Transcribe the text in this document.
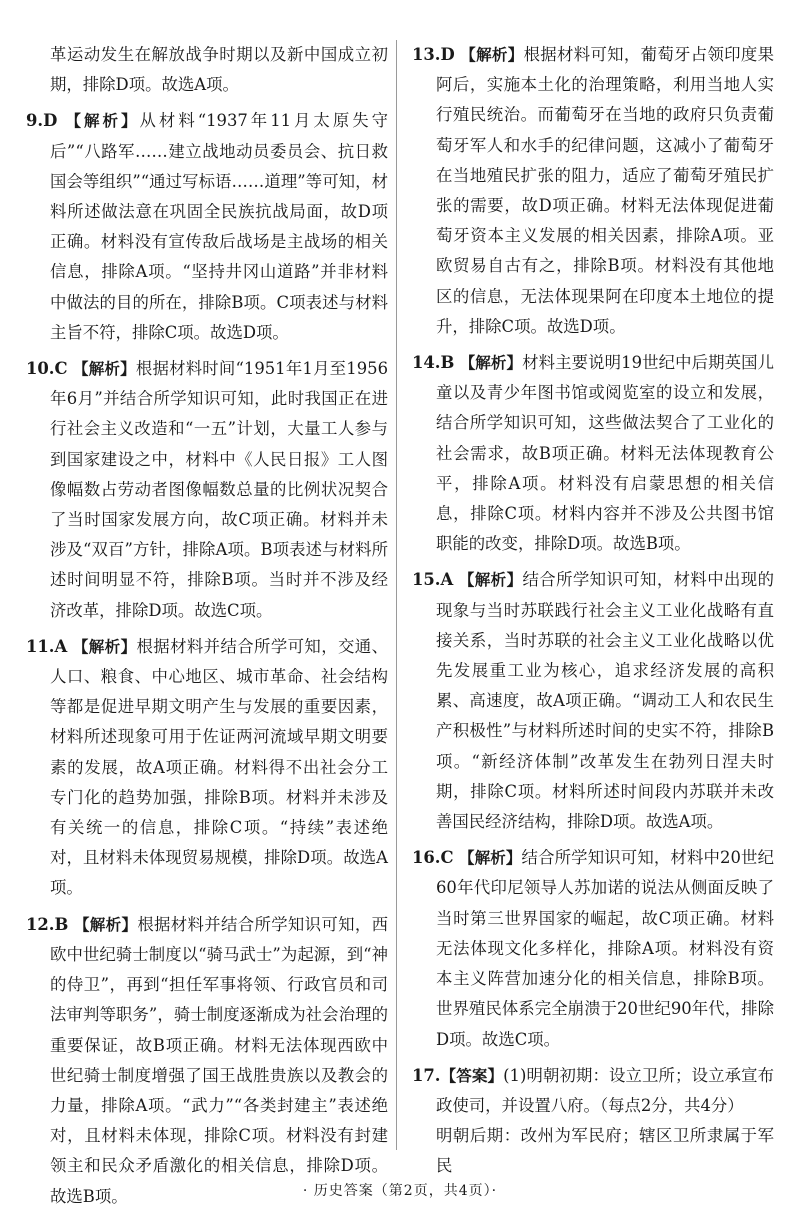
革运动发生在解放战争时期以及新中国成立初期，排除D项。故选A项。
9.D 【解析】从材料“1937年11月太原失守后”“八路军……建立战地动员委员会、抗日救国会等组织”“通过写标语……道理”等可知，材料所述做法意在巩固全民族抗战局面，故D项正确。材料没有宣传敌后战场是主战场的相关信息，排除A项。“坚持井冈山道路”并非材料中做法的目的所在，排除B项。C项表述与材料主旨不符，排除C项。故选D项。
10.C 【解析】根据材料时间“1951年1月至1956年6月”并结合所学知识可知，此时我国正在进行社会主义改造和“一五”计划，大量工人参与到国家建设之中，材料中《人民日报》工人图像幅数占劳动者图像幅数总量的比例状况契合了当时国家发展方向，故C项正确。材料并未涉及“双百”方针，排除A项。B项表述与材料所述时间明显不符，排除B项。当时并不涉及经济改革，排除D项。故选C项。
11.A 【解析】根据材料并结合所学可知，交通、人口、粮食、中心地区、城市革命、社会结构等都是促进早期文明产生与发展的重要因素，材料所述现象可用于佐证两河流域早期文明要素的发展，故A项正确。材料得不出社会分工专门化的趋势加强，排除B项。材料并未涉及有关统一的信息，排除C项。“持续”表述绝对，且材料未体现贸易规模，排除D项。故选A项。
12.B 【解析】根据材料并结合所学知识可知，西欧中世纪骑士制度以“骑马武士”为起源，到“神的侍卫”，再到“担任军事将领、行政官员和司法审判等职务”，骑士制度逐渐成为社会治理的重要保证，故B项正确。材料无法体现西欧中世纪骑士制度增强了国王战胜贵族以及教会的力量，排除A项。“武力”“各类封建主”表述绝对，且材料未体现，排除C项。材料没有封建领主和民众矛盾激化的相关信息，排除D项。故选B项。
13.D 【解析】根据材料可知，葡萄牙占领印度果阿后，实施本土化的治理策略，利用当地人实行殖民统治。而葡萄牙在当地的政府只负责葡萄牙军人和水手的纪律问题，这减小了葡萄牙在当地殖民扩张的阻力，适应了葡萄牙殖民扩张的需要，故D项正确。材料无法体现促进葡萄牙资本主义发展的相关因素，排除A项。亚欧贸易自古有之，排除B项。材料没有其他地区的信息，无法体现果阿在印度本土地位的提升，排除C项。故选D项。
14.B 【解析】材料主要说明19世纪中后期英国儿童以及青少年图书馆或阅览室的设立和发展，结合所学知识可知，这些做法契合了工业化的社会需求，故B项正确。材料无法体现教育公平，排除A项。材料没有启蒙思想的相关信息，排除C项。材料内容并不涉及公共图书馆职能的改变，排除D项。故选B项。
15.A 【解析】结合所学知识可知，材料中出现的现象与当时苏联践行社会主义工业化战略有直接关系，当时苏联的社会主义工业化战略以优先发展重工业为核心，追求经济发展的高积累、高速度，故A项正确。“调动工人和农民生产积极性”与材料所述时间的史实不符，排除B项。“新经济体制”改革发生在勃列日涅夫时期，排除C项。材料所述时间段内苏联并未改善国民经济结构，排除D项。故选A项。
16.C 【解析】结合所学知识可知，材料中20世纪60年代印尼领导人苏加诺的说法从侧面反映了当时第三世界国家的崛起，故C项正确。材料无法体现文化多样化，排除A项。材料没有资本主义阵营加速分化的相关信息，排除B项。世界殖民体系完全崩溃于20世纪90年代，排除D项。故选C项。
17.【答案】(1)明朝初期：设立卫所；设立承宣布政使司，并设置八府。（每点2分，共4分）
明朝后期：改州为军民府；辖区卫所隶属于军民
· 历史答案（第2页，共4页）·
